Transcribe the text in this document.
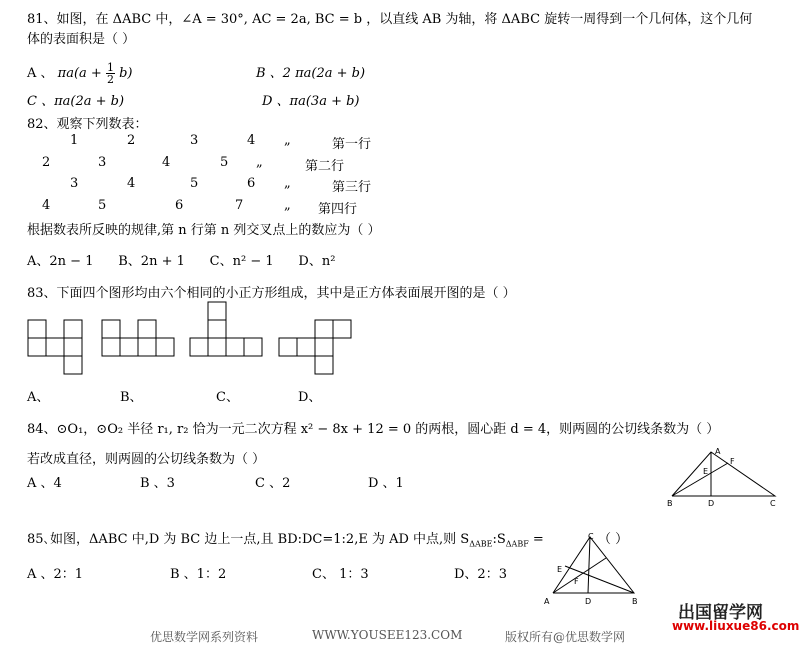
81、如图，在 ΔABC 中，∠A = 30°, AC = 2a, BC = b ，以直线 AB 为轴，将 ΔABC 旋转一周得到一个几何体，这个几何
体的表面积是（ ）
A 、 $\pi a(a + \frac{1}{2} b)$	B 、2 πa(2a + b)
C 、πa(2a + b)	D 、πa(3a + b)
82、观察下列数表：
1	2	3	4 „	第一行
2	3	4	5 „	第二行
3	4	5	6 „	第三行
4	5	6	7	„ 第四行
根据数表所反映的规律,第 n 行第 n 列交叉点上的数应为（ ）
A、2n − 1      B、2n + 1      C、n² − 1      D、n²
83、下面四个图形均由六个相同的小正方形组成，其中是正方体表面展开图的是（ ）
A、	B、	C、	D、
84、⊙O₁，⊙O₂ 半径 r₁, r₂ 恰为一元二次方程 x² − 8x + 12 = 0 的两根，圆心距 d = 4，则两圆的公切线条数为（ ）
若改成直径，则两圆的公切线条数为（ ）
A 、4	B 、3	C 、2	D 、1
A
E
F
B	D	C
85､如图，ΔABC 中,D 为 BC 边上一点,且 BD:DC=1:2,E 为 AD 中点,则 $S_{\Delta ABE}:S_{\Delta ABF}$ =	（ ）
A 、2：1	B 、1：2	C、 1：3	D、2：3
C
E
F
A	D	B
优思数学网系列资料	WWW.YOUSEE123.COM	版权所有@优思数学网
出国留学网
www.liuxue86.com
